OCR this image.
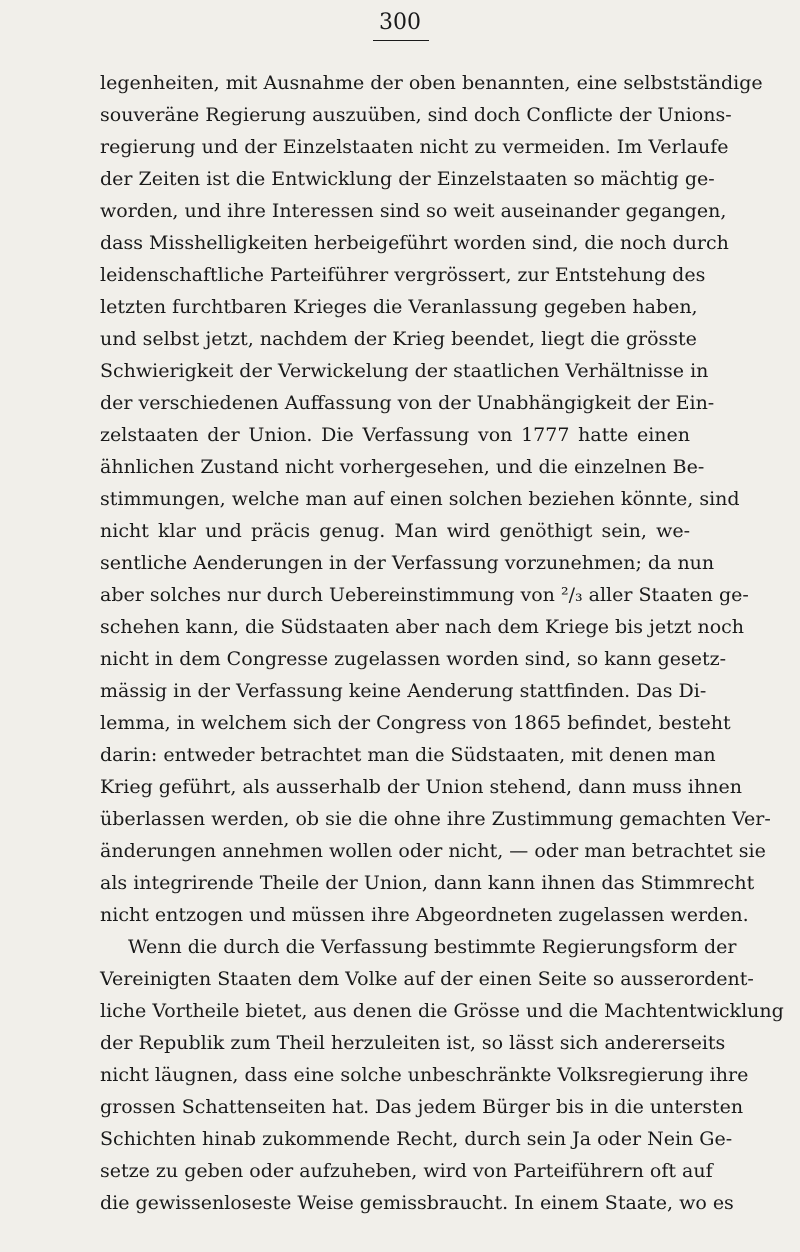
300
legenheiten, mit Ausnahme der oben benannten, eine selbstständige
souveräne Regierung auszuüben, sind doch Conflicte der Unions-
regierung und der Einzelstaaten nicht zu vermeiden. Im Verlaufe
der Zeiten ist die Entwicklung der Einzelstaaten so mächtig ge-
worden, und ihre Interessen sind so weit auseinander gegangen,
dass Misshelligkeiten herbeigeführt worden sind, die noch durch
leidenschaftliche Parteiführer vergrössert, zur Entstehung des
letzten furchtbaren Krieges die Veranlassung gegeben haben,
und selbst jetzt, nachdem der Krieg beendet, liegt die grösste
Schwierigkeit der Verwickelung der staatlichen Verhältnisse in
der verschiedenen Auffassung von der Unabhängigkeit der Ein-
zelstaaten der Union. Die Verfassung von 1777 hatte einen
ähnlichen Zustand nicht vorhergesehen, und die einzelnen Be-
stimmungen, welche man auf einen solchen beziehen könnte, sind
nicht klar und präcis genug. Man wird genöthigt sein, we-
sentliche Aenderungen in der Verfassung vorzunehmen; da nun
aber solches nur durch Uebereinstimmung von ²/₃ aller Staaten ge-
schehen kann, die Südstaaten aber nach dem Kriege bis jetzt noch
nicht in dem Congresse zugelassen worden sind, so kann gesetz-
mässig in der Verfassung keine Aenderung stattfinden. Das Di-
lemma, in welchem sich der Congress von 1865 befindet, besteht
darin: entweder betrachtet man die Südstaaten, mit denen man
Krieg geführt, als ausserhalb der Union stehend, dann muss ihnen
überlassen werden, ob sie die ohne ihre Zustimmung gemachten Ver-
änderungen annehmen wollen oder nicht, — oder man betrachtet sie
als integrirende Theile der Union, dann kann ihnen das Stimmrecht
nicht entzogen und müssen ihre Abgeordneten zugelassen werden.
Wenn die durch die Verfassung bestimmte Regierungsform der
Vereinigten Staaten dem Volke auf der einen Seite so ausserordent-
liche Vortheile bietet, aus denen die Grösse und die Machtentwicklung
der Republik zum Theil herzuleiten ist, so lässt sich andererseits
nicht läugnen, dass eine solche unbeschränkte Volksregierung ihre
grossen Schattenseiten hat. Das jedem Bürger bis in die untersten
Schichten hinab zukommende Recht, durch sein Ja oder Nein Ge-
setze zu geben oder aufzuheben, wird von Parteiführern oft auf
die gewissenloseste Weise gemissbraucht. In einem Staate, wo es
